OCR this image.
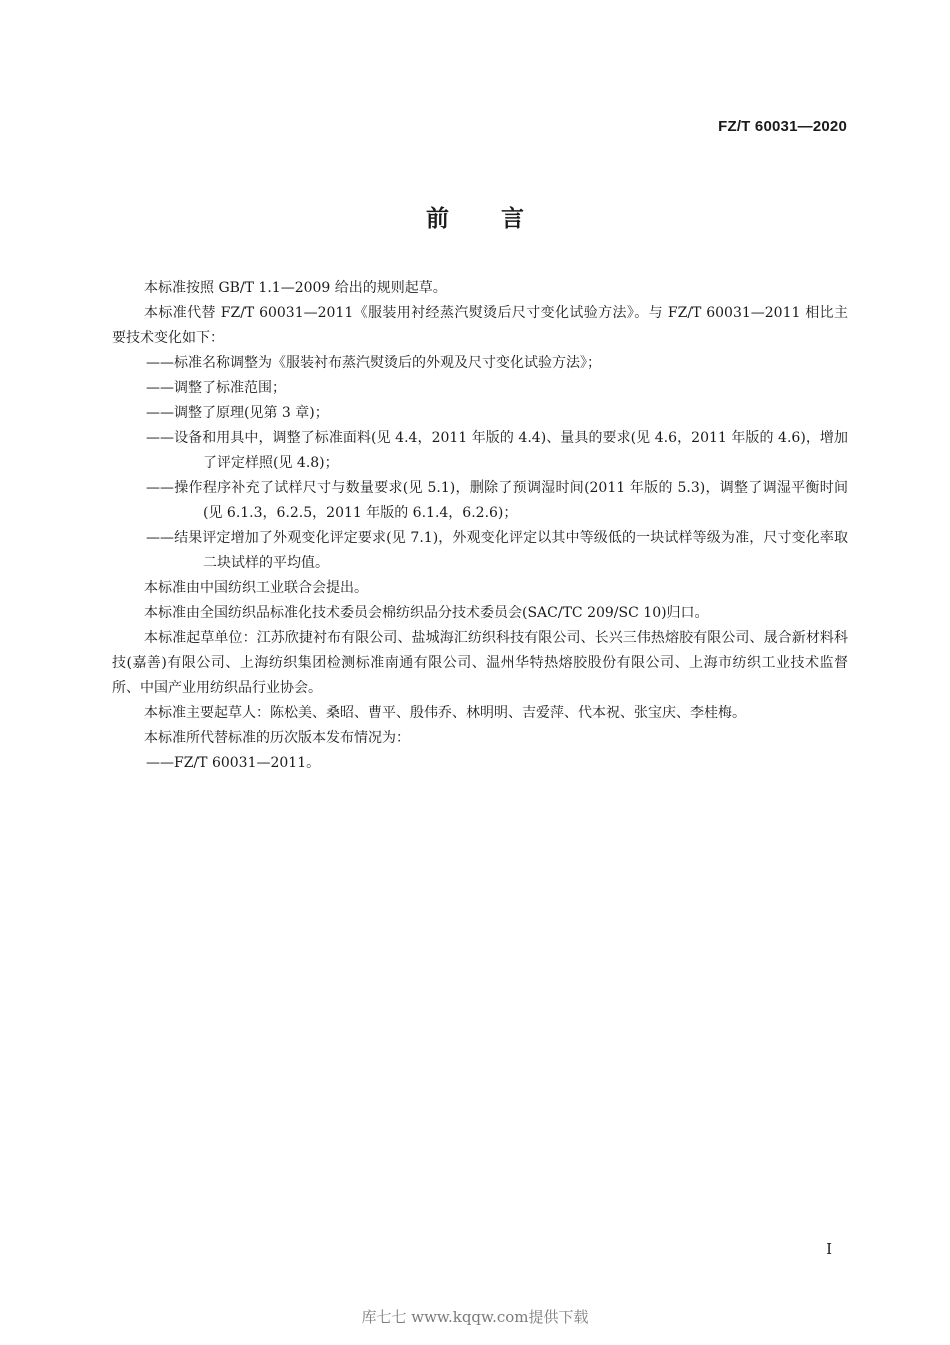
FZ/T 60031—2020
前言

本标准按照 GB/T 1.1—2009 给出的规则起草。

本标准代替 FZ/T 60031—2011《服装用衬经蒸汽熨烫后尺寸变化试验方法》。与 FZ/T 60031—2011 相比主要技术变化如下：

——标准名称调整为《服装衬布蒸汽熨烫后的外观及尺寸变化试验方法》；

——调整了标准范围；

——调整了原理(见第 3 章)；

——设备和用具中，调整了标准面料(见 4.4，2011 年版的 4.4)、量具的要求(见 4.6，2011 年版的 4.6)，增加了评定样照(见 4.8)；

——操作程序补充了试样尺寸与数量要求(见 5.1)，删除了预调湿时间(2011 年版的 5.3)，调整了调湿平衡时间(见 6.1.3，6.2.5，2011 年版的 6.1.4，6.2.6)；

——结果评定增加了外观变化评定要求(见 7.1)，外观变化评定以其中等级低的一块试样等级为准，尺寸变化率取二块试样的平均值。

本标准由中国纺织工业联合会提出。

本标准由全国纺织品标准化技术委员会棉纺织品分技术委员会(SAC/TC 209/SC 10)归口。

本标准起草单位：江苏欣捷衬布有限公司、盐城海汇纺织科技有限公司、长兴三伟热熔胶有限公司、晟合新材料科技(嘉善)有限公司、上海纺织集团检测标准南通有限公司、温州华特热熔胶股份有限公司、上海市纺织工业技术监督所、中国产业用纺织品行业协会。

本标准主要起草人：陈松美、桑昭、曹平、殷伟乔、林明明、吉爱萍、代本祝、张宝庆、李桂梅。

本标准所代替标准的历次版本发布情况为：

——FZ/T 60031—2011。

I
库七七 www.kqqw.com提供下载
